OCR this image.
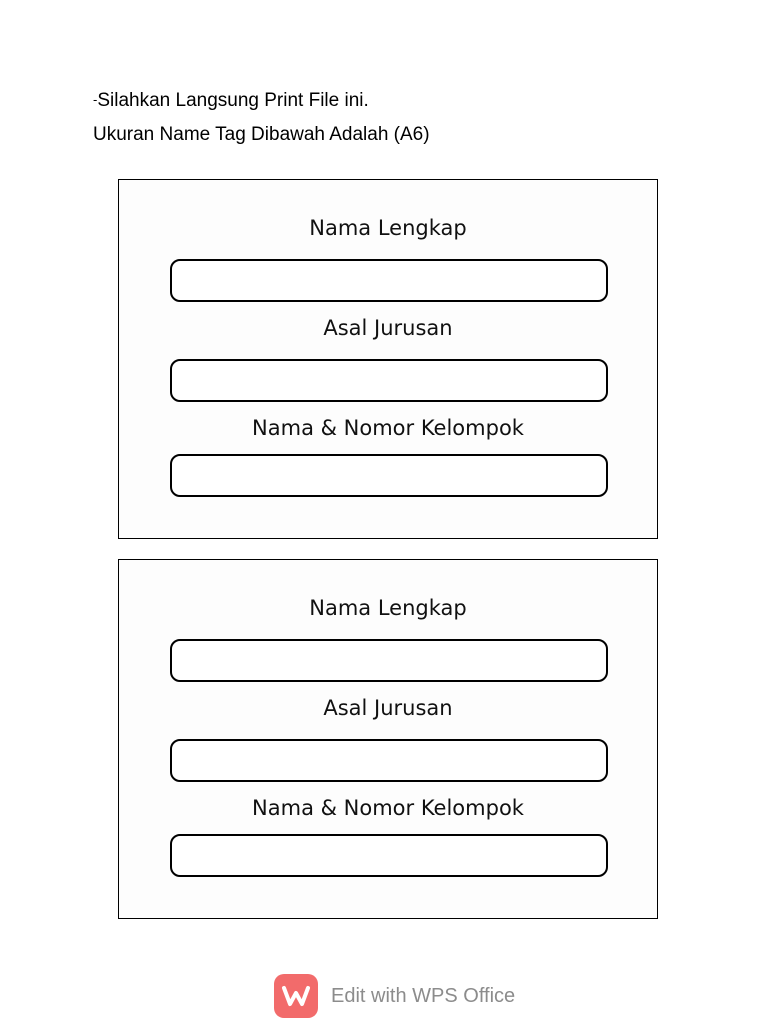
-Silahkan Langsung Print File ini.
Ukuran Name Tag Dibawah Adalah (A6)
Nama Lengkap
Asal Jurusan
Nama & Nomor Kelompok
Nama Lengkap
Asal Jurusan
Nama & Nomor Kelompok
Edit with WPS Office
